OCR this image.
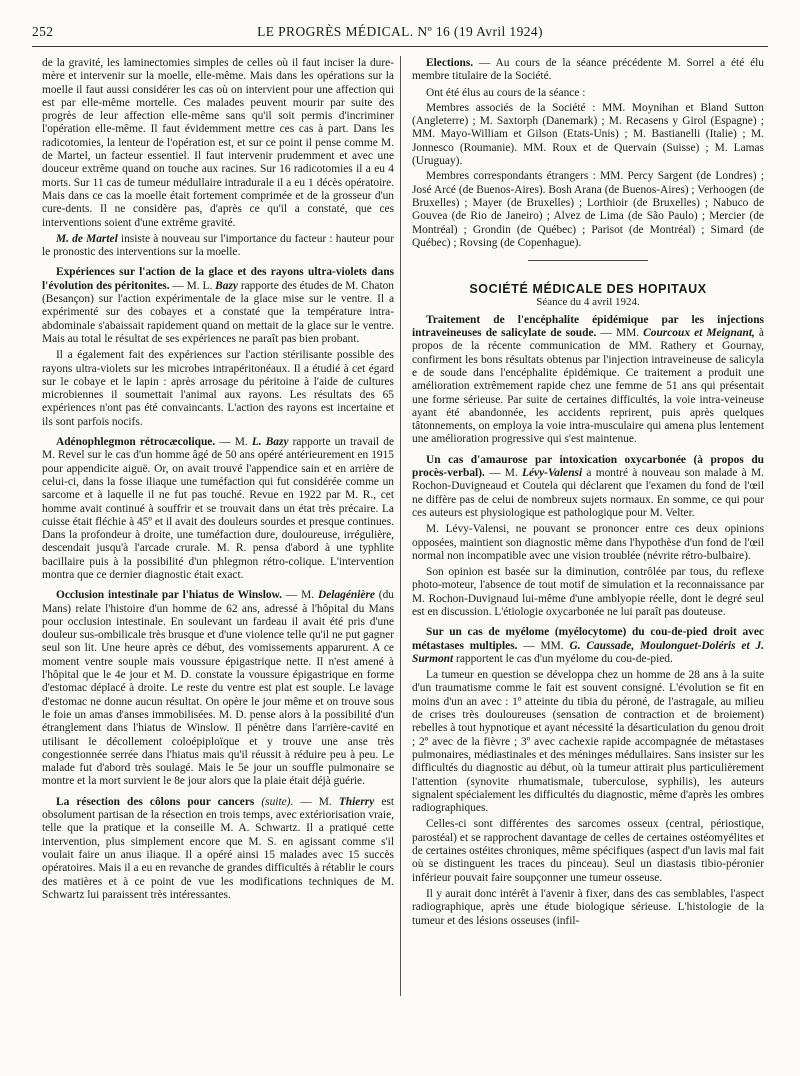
252	LE PROGRÈS MÉDICAL. Nº 16 (19 Avril 1924)

de la gravité, les laminectomies simples de celles où il faut inciser la dure-mère et intervenir sur la moelle, elle-même. Mais dans les opérations sur la moelle il faut aussi considérer les cas où on intervient pour une affection qui est par elle-même mortelle. Ces malades peuvent mourir par suite des progrès de leur affection elle-même sans qu'il soit permis d'incriminer l'opération elle-même. Il faut évidemment mettre ces cas à part. Dans les radicotomies, la lenteur de l'opération est, et sur ce point il pense comme M. de Martel, un facteur essentiel. Il faut intervenir prudemment et avec une douceur extrême quand on touche aux racines. Sur 16 radicotomies il a eu 4 morts. Sur 11 cas de tumeur médullaire intradurale il a eu 1 décès opératoire. Mais dans ce cas la moelle était fortement comprimée et de la grosseur d'un cure-dents. Il ne considère pas, d'après ce qu'il a constaté, que ces interventions soient d'une extrême gravité.

M. de Martel insiste à nouveau sur l'importance du facteur : hauteur pour le pronostic des interventions sur la moelle.

Expériences sur l'action de la glace et des rayons ultra-violets dans l'évolution des péritonites. — M. L. Bazy rapporte des études de M. Chaton (Besançon) sur l'action expérimentale de la glace mise sur le ventre. Il a expérimenté sur des cobayes et a constaté que la température intra-abdominale s'abaissait rapidement quand on mettait de la glace sur le ventre. Mais au total le résultat de ses expériences ne paraît pas bien probant.

Il a également fait des expériences sur l'action stérilisante possible des rayons ultra-violets sur les microbes intrapéritonéaux. Il a étudié à cet égard sur le cobaye et le lapin : après arrosage du péritoine à l'aide de cultures microbiennes il soumettait l'animal aux rayons. Les résultats des 65 expériences n'ont pas été convaincants. L'action des rayons est incertaine et ils sont parfois nocifs.

Adénophlegmon rétrocæcolique. — M. L. Bazy rapporte un travail de M. Revel sur le cas d'un homme âgé de 50 ans opéré antérieurement en 1915 pour appendicite aiguë. Or, on avait trouvé l'appendice sain et en arrière de celui-ci, dans la fosse iliaque une tuméfaction qui fut considérée comme un sarcome et à laquelle il ne fut pas touché. Revue en 1922 par M. R., cet homme avait continué à souffrir et se trouvait dans un état très précaire. La cuisse était fléchie à 45º et il avait des douleurs sourdes et presque continues. Dans la profondeur à droite, une tuméfaction dure, douloureuse, irrégulière, descendait jusqu'à l'arcade crurale. M. R. pensa d'abord à une typhlite bacillaire puis à la possibilité d'un phlegmon rétro-colique. L'intervention montra que ce dernier diagnostic était exact.

Occlusion intestinale par l'hiatus de Winslow. — M. Delagénière (du Mans) relate l'histoire d'un homme de 62 ans, adressé à l'hôpital du Mans pour occlusion intestinale. En soulevant un fardeau il avait été pris d'une douleur sus-ombilicale très brusque et d'une violence telle qu'il ne put gagner seul son lit. Une heure après ce début, des vomissements apparurent. A ce moment ventre souple mais voussure épigastrique nette. Il n'est amené à l'hôpital que le 4e jour et M. D. constate la voussure épigastrique en forme d'estomac déplacé à droite. Le reste du ventre est plat est souple. Le lavage d'estomac ne donne aucun résultat. On opère le jour même et on trouve sous le foie un amas d'anses immobilisées. M. D. pense alors à la possibilité d'un étranglement dans l'hiatus de Winslow. Il pénètre dans l'arrière-cavité en utilisant le décollement coloépiploïque et y trouve une anse très congestionnée serrée dans l'hiatus mais qu'il réussit à réduire peu à peu. Le malade fut d'abord très soulagé. Mais le 5e jour un souffle pulmonaire se montre et la mort survient le 8e jour alors que la plaie était déjà guérie.

La résection des côlons pour cancers (suite). — M. Thierry est obsolument partisan de la résection en trois temps, avec extériorisation vraie, telle que la pratique et la conseille M. A. Schwartz. Il a pratiqué cette intervention, plus simplement encore que M. S. en agissant comme s'il voulait faire un anus iliaque. Il a opéré ainsi 15 malades avec 15 succès opératoires. Mais il a eu en revanche de grandes difficultés à rétablir le cours des matières et à ce point de vue les modifications techniques de M. Schwartz lui paraissent très intéressantes.

Elections. — Au cours de la séance précédente M. Sorrel a été élu membre titulaire de la Société.

Ont été élus au cours de la séance :

Membres associés de la Société : MM. Moynihan et Bland Sutton (Angleterre) ; M. Saxtorph (Danemark) ; M. Recasens y Girol (Espagne) ; MM. Mayo-William et Gilson (Etats-Unis) ; M. Bastianelli (Italie) ; M. Jonnesco (Roumanie). MM. Roux et de Quervain (Suisse) ; M. Lamas (Uruguay).

Membres correspondants étrangers : MM. Percy Sargent (de Londres) ; José Arcé (de Buenos-Aires). Bosh Arana (de Buenos-Aires) ; Verhoogen (de Bruxelles) ; Mayer (de Bruxelles) ; Lorthioir (de Bruxelles) ; Nabuco de Gouvea (de Rio de Janeiro) ; Alvez de Lima (de São Paulo) ; Mercier (de Montréal) ; Grondin (de Québec) ; Parisot (de Montréal) ; Simard (de Québec) ; Rovsing (de Copenhague).

SOCIÉTÉ MÉDICALE DES HOPITAUX
Séance du 4 avril 1924.

Traitement de l'encéphalite épidémique par les injections intraveineuses de salicylate de soude. — MM. Courcoux et Meignant, à propos de la récente communication de MM. Rathery et Gournay, confirment les bons résultats obtenus par l'injection intraveineuse de salicyla e de soude dans l'encéphalite épidémique. Ce traitement a produit une amélioration extrêmement rapide chez une femme de 51 ans qui présentait une forme sérieuse. Par suite de certaines difficultés, la voie intra-veineuse ayant été abandonnée, les accidents reprirent, puis après quelques tâtonnements, on employa la voie intra-musculaire qui amena plus lentement une amélioration progressive qui s'est maintenue.

Un cas d'amaurose par intoxication oxycarbonée (à propos du procès-verbal). — M. Lévy-Valensi a montré à nouveau son malade à M. Rochon-Duvigneaud et Coutela qui déclarent que l'examen du fond de l'œil ne diffère pas de celui de nombreux sujets normaux. En somme, ce qui pour ces auteurs est physiologique est pathologique pour M. Velter.

M. Lévy-Valensi, ne pouvant se prononcer entre ces deux opinions opposées, maintient son diagnostic même dans l'hypothèse d'un fond de l'œil normal non incompatible avec une vision troublée (névrite rétro-bulbaire).

Son opinion est basée sur la diminution, contrôlée par tous, du reflexe photo-moteur, l'absence de tout motif de simulation et la reconnaissance par M. Rochon-Duvignaud lui-même d'une amblyopie réelle, dont le degré seul est en discussion. L'étiologie oxycarbonée ne lui paraît pas douteuse.

Sur un cas de myélome (myélocytome) du cou-de-pied droit avec métastases multiples. — MM. G. Caussade, Moulonguet-Doléris et J. Surmont rapportent le cas d'un myélome du cou-de-pied.

La tumeur en question se développa chez un homme de 28 ans à la suite d'un traumatisme comme le fait est souvent consigné. L'évolution se fit en moins d'un an avec : 1º atteinte du tibia du péroné, de l'astragale, au milieu de crises très douloureuses (sensation de contraction et de broiement) rebelles à tout hypnotique et ayant nécessité la désarticulation du genou droit ; 2º avec de la fièvre ; 3º avec cachexie rapide accompagnée de métastases pulmonaires, médiastinales et des méninges médullaires. Sans insister sur les difficultés du diagnostic au début, où la tumeur attirait plus particulièrement l'attention (synovite rhumatismale, tuberculose, syphilis), les auteurs signalent spécialement les difficultés du diagnostic, même d'après les ombres radiographiques.

Celles-ci sont différentes des sarcomes osseux (central, périostique, parostéal) et se rapprochent davantage de celles de certaines ostéomyélites et de certaines ostéites chroniques, même spécifiques (aspect d'un lavis mal fait où se distinguent les traces du pinceau). Seul un diastasis tibio-péronier inférieur pouvait faire soupçonner une tumeur osseuse.

Il y aurait donc intérêt à l'avenir à fixer, dans des cas semblables, l'aspect radiographique, après une étude biologique sérieuse. L'histologie de la tumeur et des lésions osseuses (infil-
